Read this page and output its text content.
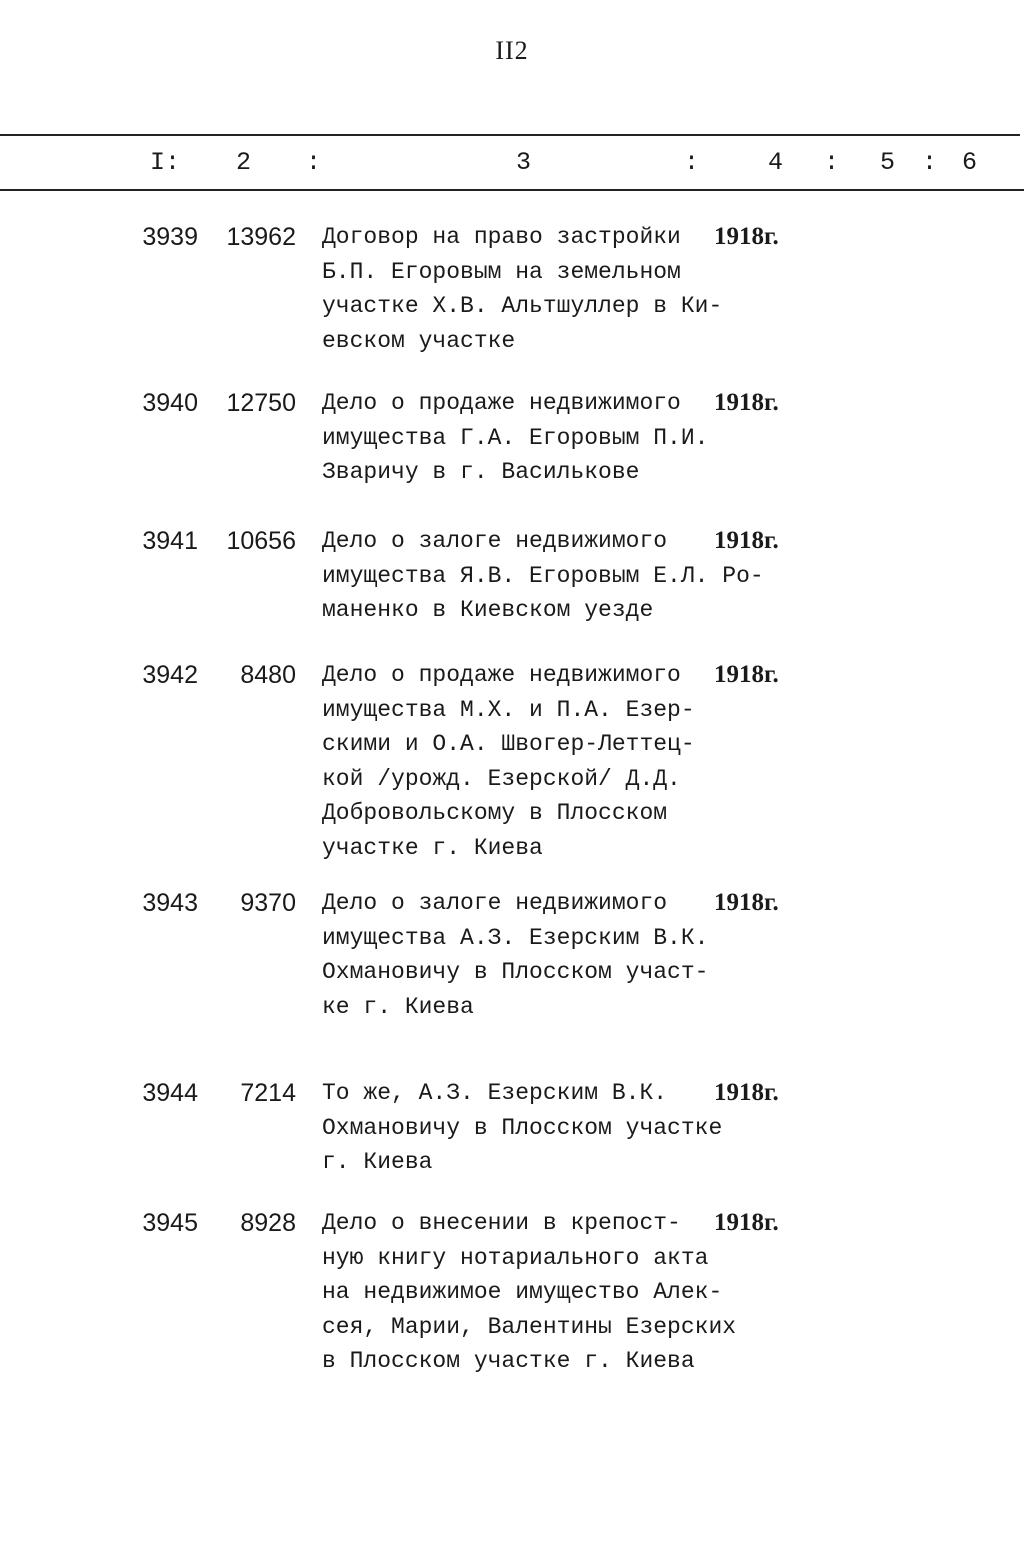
II2
I: 2 :	3	:	4 : 5 : 6
3939	13962 Договор на право застройки
Б.П. Егоровым на земельном
участке Х.В. Альтшуллер в Ки-
евском участке
1918г.
3940	12750 Дело о продаже недвижимого
имущества Г.А. Егоровым П.И.
Зваричу в г. Василькове
1918г.
3941	10656 Дело о залоге недвижимого
имущества Я.В. Егоровым Е.Л. Ро-
маненко в Киевском уезде
1918г.
3942	8480 Дело о продаже недвижимого
имущества М.Х. и П.А. Езер-
скими и О.А. Швогер-Леттец-
кой /урожд. Езерской/ Д.Д.
Добровольскому в Плосском
участке г. Киева
1918г.
3943	9370 Дело о залоге недвижимого
имущества А.З. Езерским В.К.
Охмановичу в Плосском участ-
ке г. Киева
1918г.
3944	7214 То же, А.З. Езерским В.К.
Охмановичу в Плосском участке
г. Киева
1918г.
3945	8928 Дело о внесении в крепост-
ную книгу нотариального акта
на недвижимое имущество Алек-
сея, Марии, Валентины Езерских
в Плосском участке г. Киева
1918г.
